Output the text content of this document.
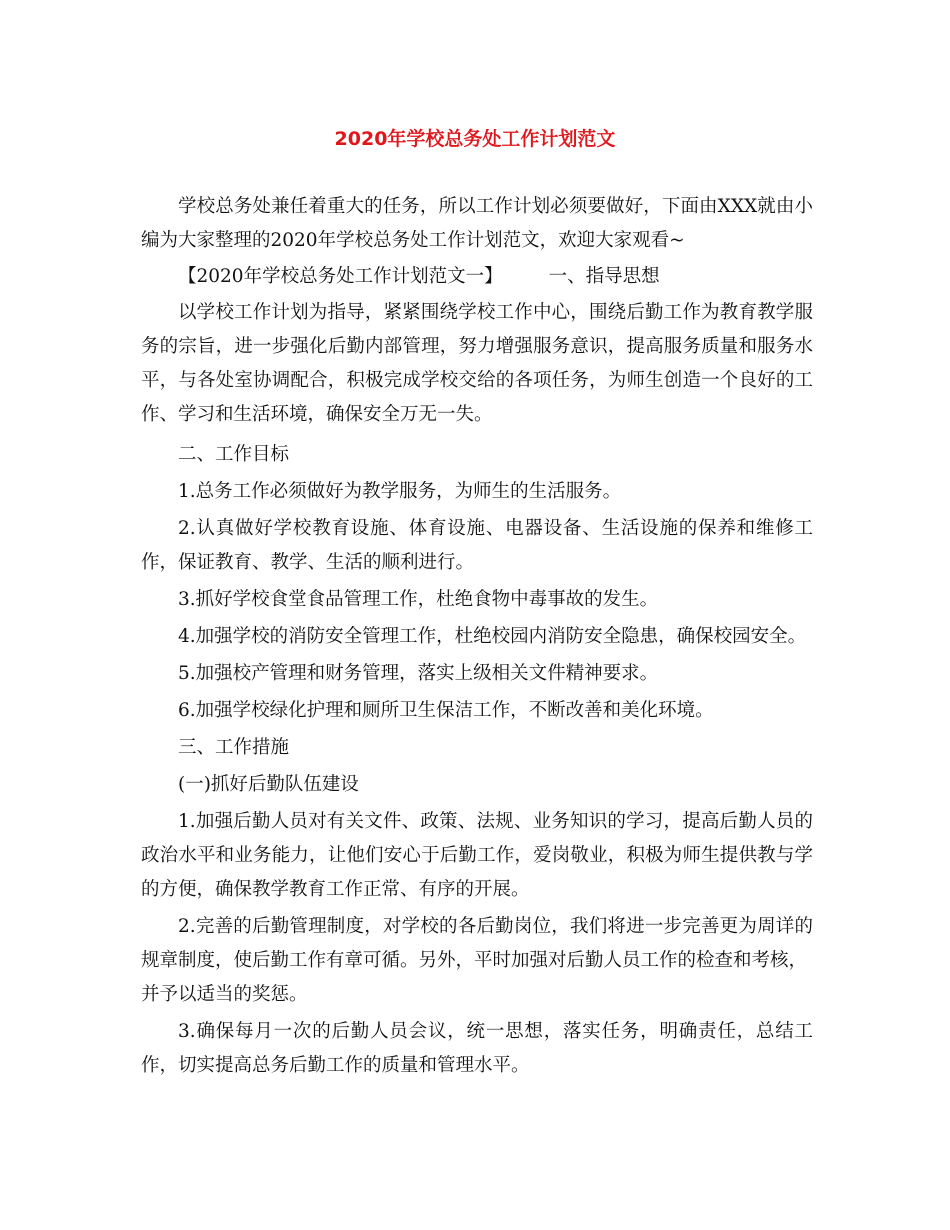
2020年学校总务处工作计划范文

学校总务处兼任着重大的任务，所以工作计划必须要做好，下面由XXX就由小编为大家整理的2020年学校总务处工作计划范文，欢迎大家观看~

【2020年学校总务处工作计划范文一】 一、指导思想

以学校工作计划为指导，紧紧围绕学校工作中心，围绕后勤工作为教育教学服务的宗旨，进一步强化后勤内部管理，努力增强服务意识，提高服务质量和服务水平，与各处室协调配合，积极完成学校交给的各项任务，为师生创造一个良好的工作、学习和生活环境，确保安全万无一失。

二、工作目标

1.总务工作必须做好为教学服务，为师生的生活服务。

2.认真做好学校教育设施、体育设施、电器设备、生活设施的保养和维修工作，保证教育、教学、生活的顺利进行。

3.抓好学校食堂食品管理工作，杜绝食物中毒事故的发生。

4.加强学校的消防安全管理工作，杜绝校园内消防安全隐患，确保校园安全。

5.加强校产管理和财务管理，落实上级相关文件精神要求。

6.加强学校绿化护理和厕所卫生保洁工作，不断改善和美化环境。

三、工作措施

(一)抓好后勤队伍建设

1.加强后勤人员对有关文件、政策、法规、业务知识的学习，提高后勤人员的政治水平和业务能力，让他们安心于后勤工作，爱岗敬业，积极为师生提供教与学的方便，确保教学教育工作正常、有序的开展。

2.完善的后勤管理制度，对学校的各后勤岗位，我们将进一步完善更为周详的规章制度，使后勤工作有章可循。另外，平时加强对后勤人员工作的检查和考核，
并予以适当的奖惩。

3.确保每月一次的后勤人员会议，统一思想，落实任务，明确责任，总结工作，切实提高总务后勤工作的质量和管理水平。
